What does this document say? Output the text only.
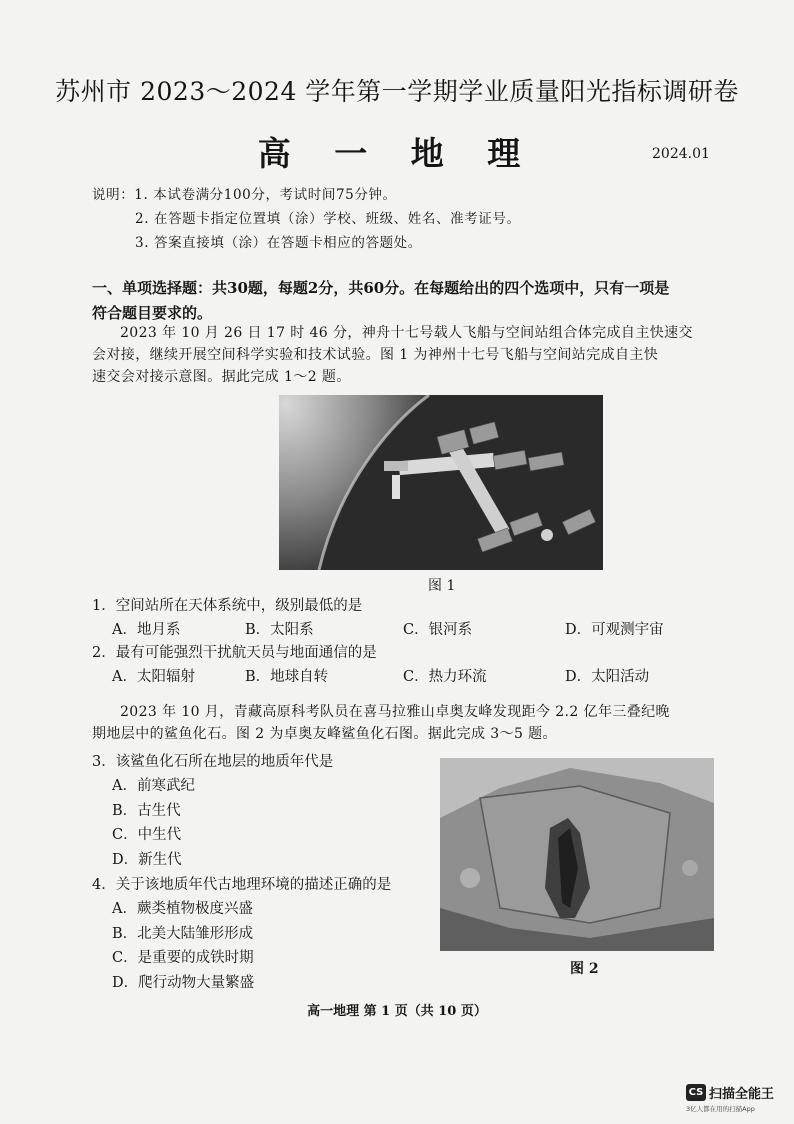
苏州市 2023～2024 学年第一学期学业质量阳光指标调研卷
高 一 地 理	2024.01
说明：1. 本试卷满分100分，考试时间75分钟。
2. 在答题卡指定位置填（涂）学校、班级、姓名、准考证号。
3. 答案直接填（涂）在答题卡相应的答题处。
一、单项选择题：共30题，每题2分，共60分。在每题给出的四个选项中，只有一项是
符合题目要求的。
2023 年 10 月 26 日 17 时 46 分，神舟十七号载人飞船与空间站组合体完成自主快速交
会对接，继续开展空间科学实验和技术试验。图 1 为神州十七号飞船与空间站完成自主快
速交会对接示意图。据此完成 1～2 题。
图 1
1．空间站所在天体系统中，级别最低的是
A．地月系	B．太阳系	C．银河系	D．可观测宇宙
2．最有可能强烈干扰航天员与地面通信的是
A．太阳辐射	B．地球自转	C．热力环流	D．太阳活动
2023 年 10 月，青藏高原科考队员在喜马拉雅山卓奥友峰发现距今 2.2 亿年三叠纪晚
期地层中的鲨鱼化石。图 2 为卓奥友峰鲨鱼化石图。据此完成 3～5 题。
3．该鲨鱼化石所在地层的地质年代是
A．前寒武纪
B．古生代
C．中生代
D．新生代
4．关于该地质年代古地理环境的描述正确的是
A．蕨类植物极度兴盛
B．北美大陆雏形形成
C．是重要的成铁时期
D．爬行动物大量繁盛
图 2
高一地理 第 1 页（共 10 页）
CS 扫描全能王
3亿人都在用的扫描App
